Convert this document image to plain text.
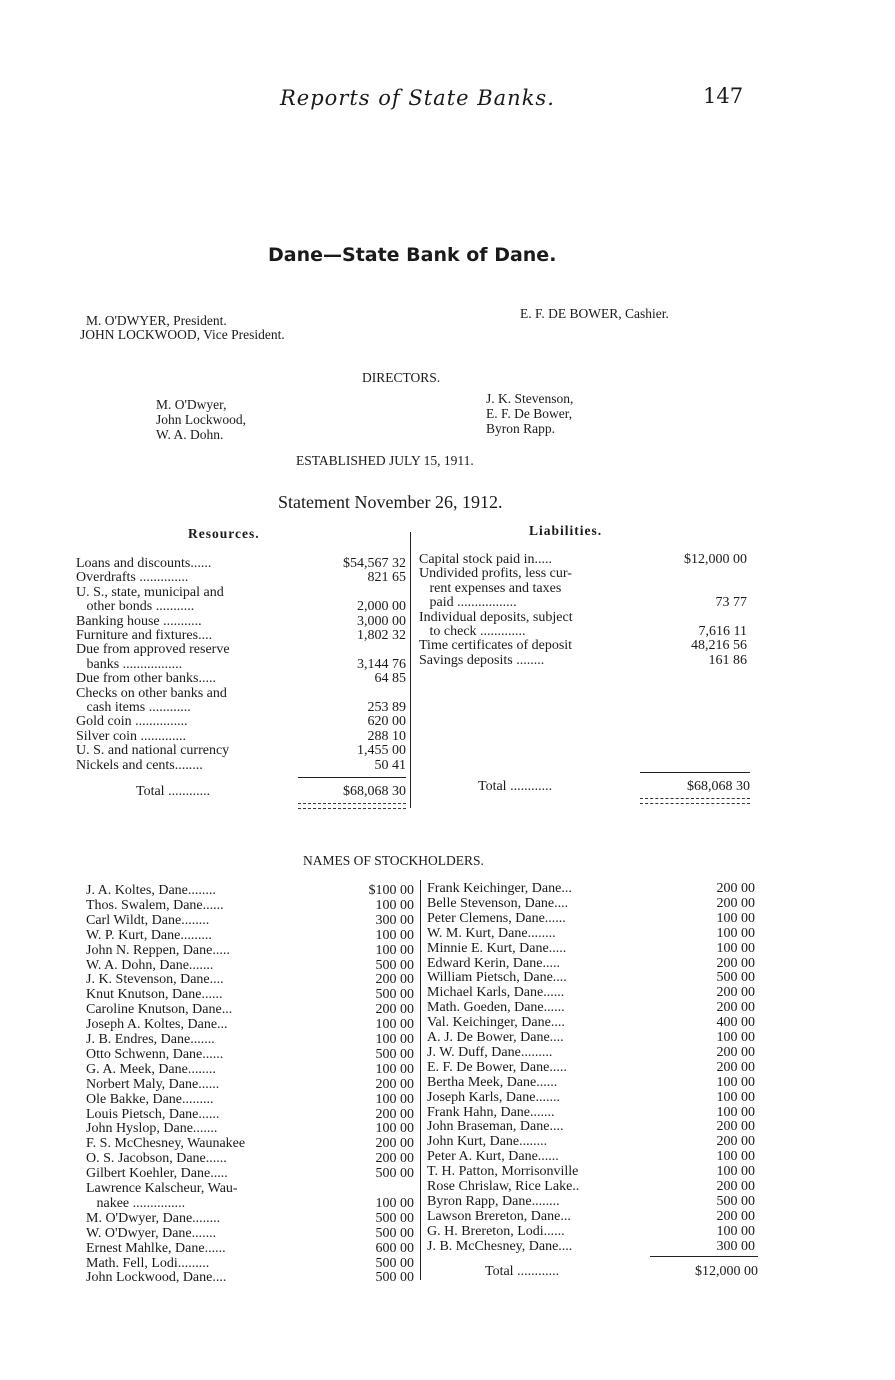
Reports of State Banks.	147
Dane—State Bank of Dane.
M. O'DWYER, President.
JOHN LOCKWOOD, Vice President.
E. F. DE BOWER, Cashier.
DIRECTORS.
M. O'Dwyer,
John Lockwood,
W. A. Dohn.
J. K. Stevenson,
E. F. De Bower,
Byron Rapp.
ESTABLISHED JULY 15, 1911.
Statement November 26, 1912.
Resources.	Liabilities.
Loans and discounts......	$54,567 32
Overdrafts ..............	821 65
U. S., state, municipal and
other bonds ...........	2,000 00
Banking house ...........	3,000 00
Furniture and fixtures....	1,802 32
Due from approved reserve
banks .................	3,144 76
Due from other banks.....	64 85
Checks on other banks and
cash items ............	253 89
Gold coin ...............	620 00
Silver coin .............	288 10
U. S. and national currency	1,455 00
Nickels and cents........	50 41
Capital stock paid in.....	$12,000 00
Undivided profits, less cur-
rent expenses and taxes
paid .................	73 77
Individual deposits, subject
to check .............	7,616 11
Time certificates of deposit	48,216 56
Savings deposits ........	161 86
Total ............	$68,068 30	Total ............	$68,068 30
NAMES OF STOCKHOLDERS.
J. A. Koltes, Dane........	$100 00
Thos. Swalem, Dane......	100 00
Carl Wildt, Dane........	300 00
W. P. Kurt, Dane.........	100 00
John N. Reppen, Dane.....	100 00
W. A. Dohn, Dane.......	500 00
J. K. Stevenson, Dane....	200 00
Knut Knutson, Dane......	500 00
Caroline Knutson, Dane...	200 00
Joseph A. Koltes, Dane...	100 00
J. B. Endres, Dane.......	100 00
Otto Schwenn, Dane......	500 00
G. A. Meek, Dane........	100 00
Norbert Maly, Dane......	200 00
Ole Bakke, Dane.........	100 00
Louis Pietsch, Dane......	200 00
John Hyslop, Dane.......	100 00
F. S. McChesney, Waunakee	200 00
O. S. Jacobson, Dane......	200 00
Gilbert Koehler, Dane.....	500 00
Lawrence Kalscheur, Wau-
nakee ...............	100 00
M. O'Dwyer, Dane........	500 00
W. O'Dwyer, Dane.......	500 00
Ernest Mahlke, Dane......	600 00
Math. Fell, Lodi.........	500 00
John Lockwood, Dane....	500 00
Frank Keichinger, Dane...	200 00
Belle Stevenson, Dane....	200 00
Peter Clemens, Dane......	100 00
W. M. Kurt, Dane........	100 00
Minnie E. Kurt, Dane.....	100 00
Edward Kerin, Dane.....	200 00
William Pietsch, Dane....	500 00
Michael Karls, Dane......	200 00
Math. Goeden, Dane......	200 00
Val. Keichinger, Dane....	400 00
A. J. De Bower, Dane....	100 00
J. W. Duff, Dane.........	200 00
E. F. De Bower, Dane.....	200 00
Bertha Meek, Dane......	100 00
Joseph Karls, Dane.......	100 00
Frank Hahn, Dane.......	100 00
John Braseman, Dane....	200 00
John Kurt, Dane........	200 00
Peter A. Kurt, Dane......	100 00
T. H. Patton, Morrisonville	100 00
Rose Chrislaw, Rice Lake..	200 00
Byron Rapp, Dane........	500 00
Lawson Brereton, Dane...	200 00
G. H. Brereton, Lodi......	100 00
J. B. McChesney, Dane....	300 00
Total ............	$12,000 00
